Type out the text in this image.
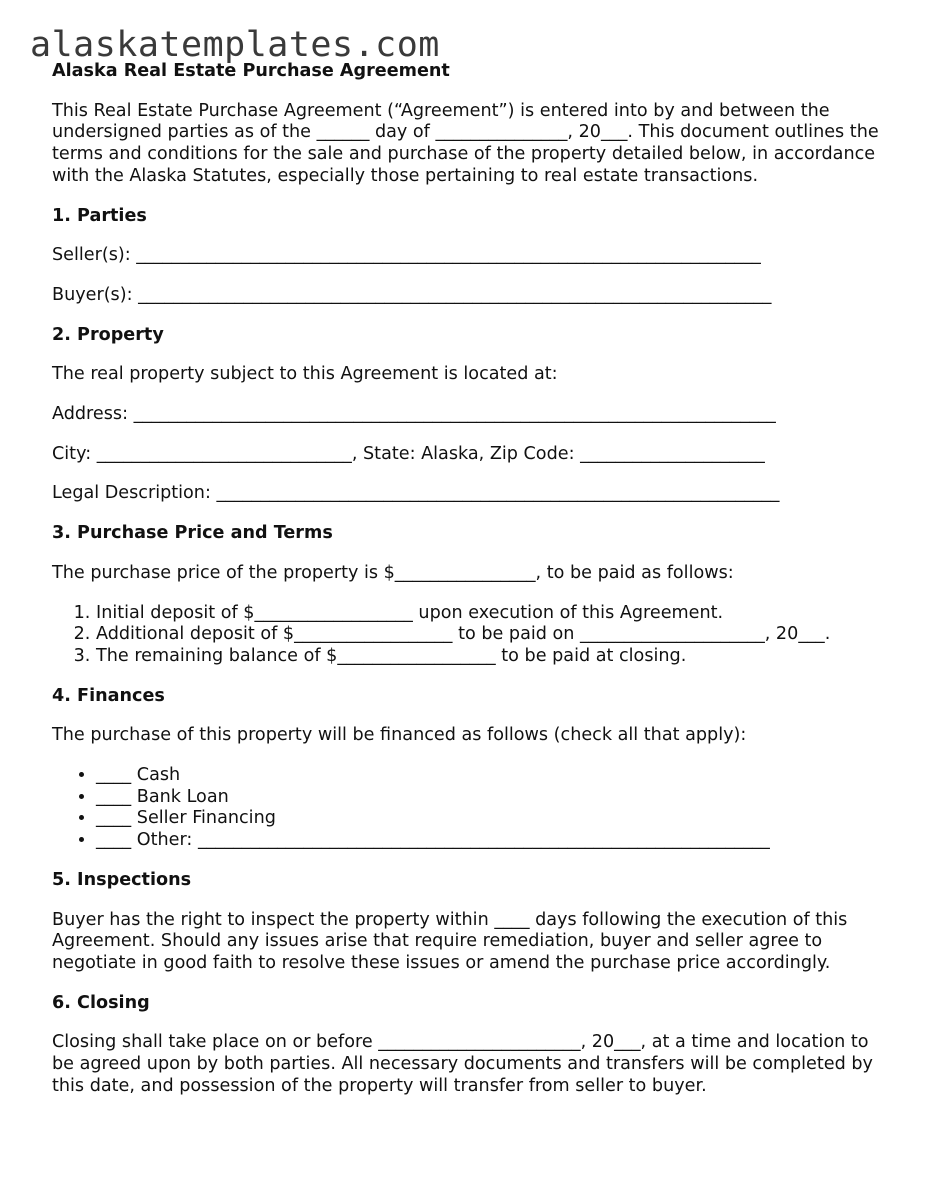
alaskatemplates.com

Alaska Real Estate Purchase Agreement

This Real Estate Purchase Agreement (“Agreement”) is entered into by and between the undersigned parties as of the ______ day of _______________, 20___. This document outlines the terms and conditions for the sale and purchase of the property detailed below, in accordance with the Alaska Statutes, especially those pertaining to real estate transactions.

1. Parties

Seller(s): _______________________________________________________________________

Buyer(s): ________________________________________________________________________

2. Property

The real property subject to this Agreement is located at:

Address: _________________________________________________________________________

City: _____________________________, State: Alaska, Zip Code: _____________________

Legal Description: ________________________________________________________________

3. Purchase Price and Terms

The purchase price of the property is $________________, to be paid as follows:

1. Initial deposit of $__________________ upon execution of this Agreement.
2. Additional deposit of $__________________ to be paid on _____________________, 20___.
3. The remaining balance of $__________________ to be paid at closing.
4. Finances

The purchase of this property will be financed as follows (check all that apply):

• ____ Cash
• ____ Bank Loan
• ____ Seller Financing
• ____ Other: _________________________________________________________________
5. Inspections

Buyer has the right to inspect the property within ____ days following the execution of this Agreement. Should any issues arise that require remediation, buyer and seller agree to negotiate in good faith to resolve these issues or amend the purchase price accordingly.

6. Closing

Closing shall take place on or before _______________________, 20___, at a time and location to be agreed upon by both parties. All necessary documents and transfers will be completed by this date, and possession of the property will transfer from seller to buyer.
